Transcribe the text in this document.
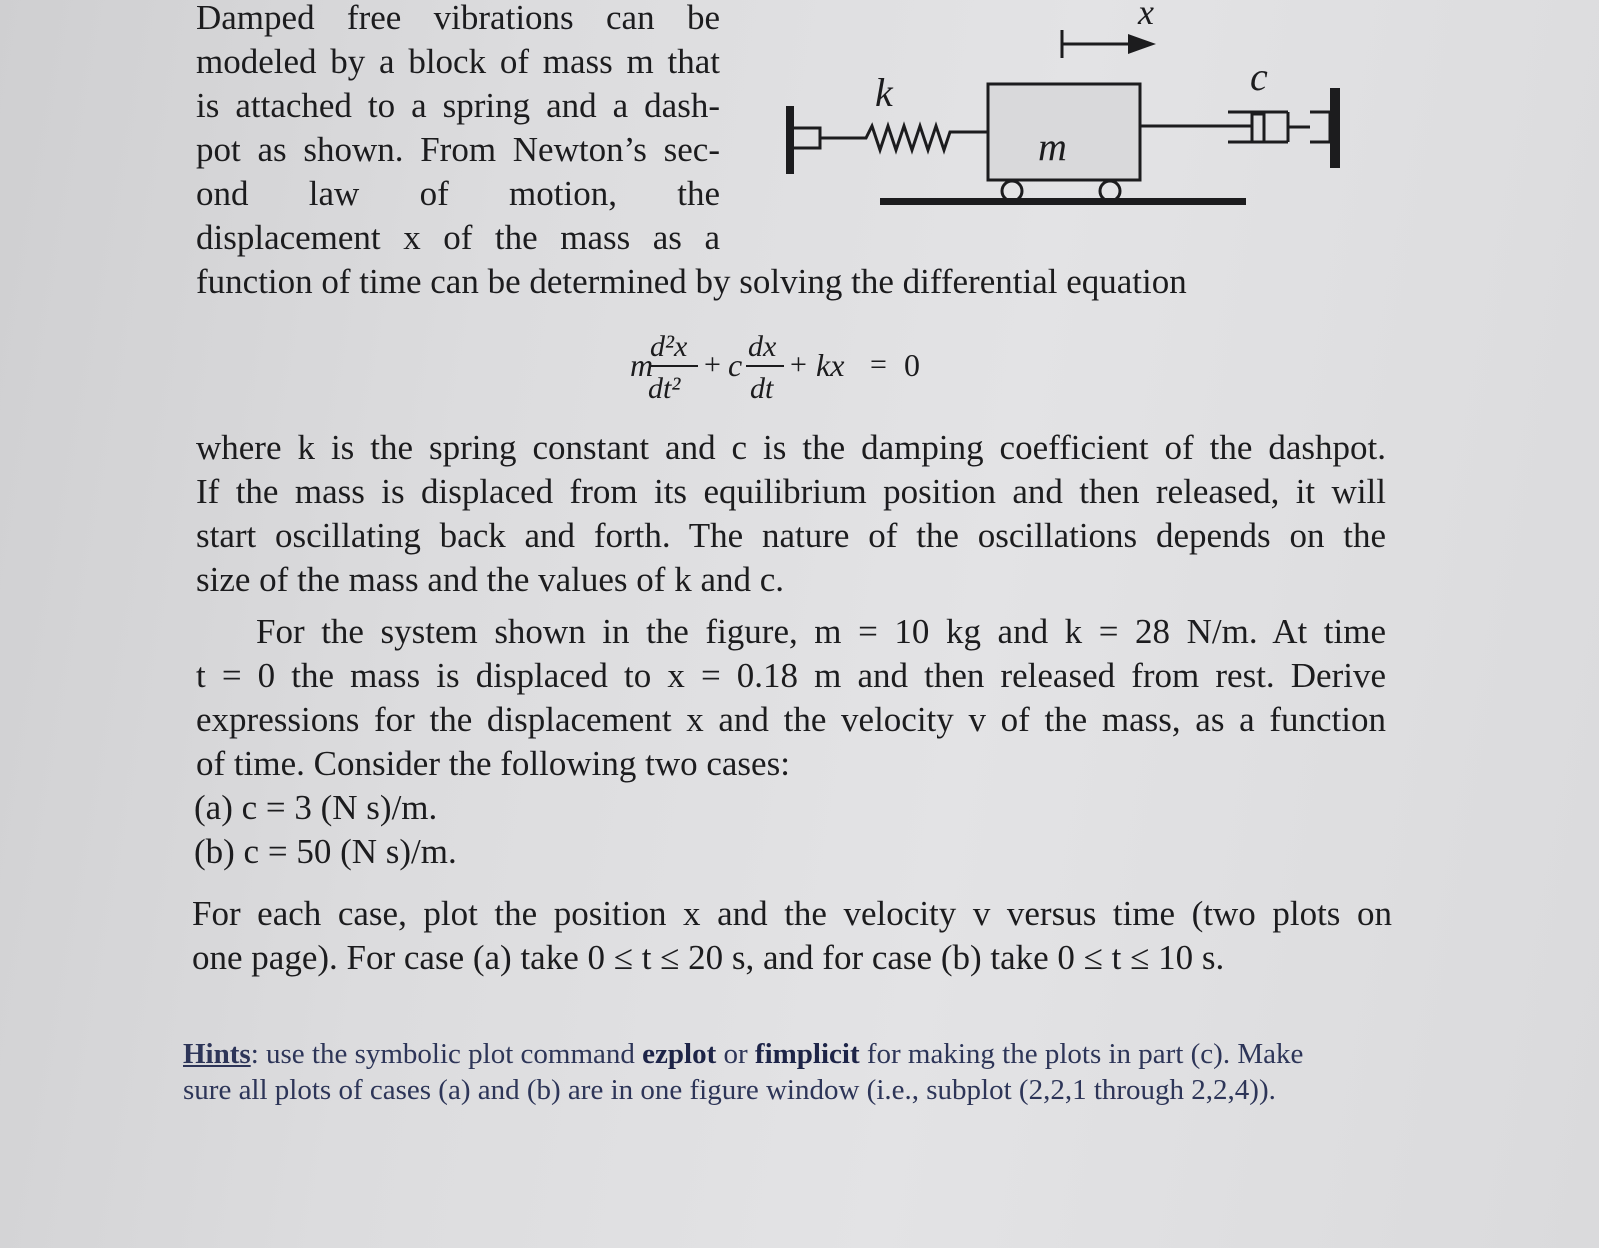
Damped free vibrations can be
modeled by a block of mass m that
is attached to a spring and a dash-
pot as shown. From Newton’s sec-
ond law of motion, the
displacement x of the mass as a
function of time can be determined by solving the differential equation
x
k
m
c
m
d²x
dt²
+ c
dx
dt
+ kx = 0
where k is the spring constant and c is the damping coefficient of the dashpot.
If the mass is displaced from its equilibrium position and then released, it will
start oscillating back and forth. The nature of the oscillations depends on the
size of the mass and the values of k and c.
For the system shown in the figure, m = 10 kg and k = 28 N/m. At time
t = 0 the mass is displaced to x = 0.18 m and then released from rest. Derive
expressions for the displacement x and the velocity v of the mass, as a function
of time. Consider the following two cases:
(a) c = 3 (N s)/m.
(b) c = 50 (N s)/m.
For each case, plot the position x and the velocity v versus time (two plots on
one page). For case (a) take 0 ≤ t ≤ 20 s, and for case (b) take 0 ≤ t ≤ 10 s.
Hints: use the symbolic plot command ezplot or fimplicit for making the plots in part (c). Make
sure all plots of cases (a) and (b) are in one figure window (i.e., subplot (2,2,1 through 2,2,4)).
